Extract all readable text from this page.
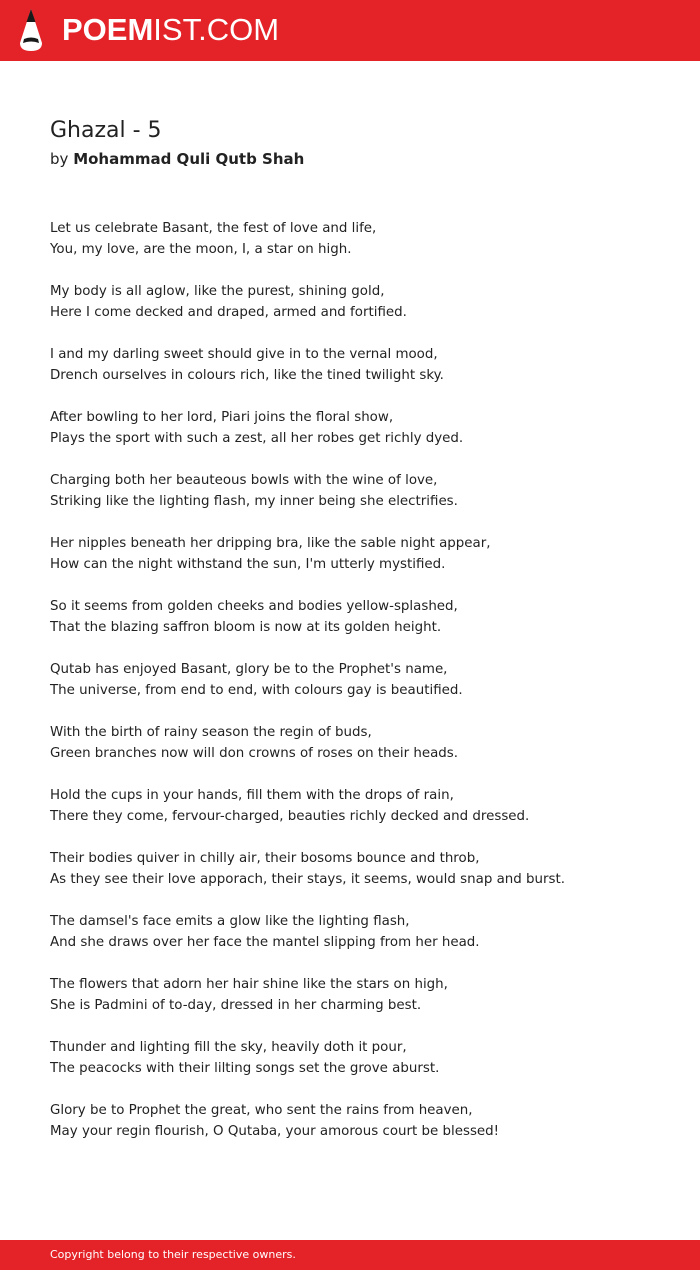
POEMIST.COM
Ghazal - 5
by Mohammad Quli Qutb Shah
Let us celebrate Basant, the fest of love and life,
You, my love, are the moon, I, a star on high.
My body is all aglow, like the purest, shining gold,
Here I come decked and draped, armed and fortified.
I and my darling sweet should give in to the vernal mood,
Drench ourselves in colours rich, like the tined twilight sky.
After bowling to her lord, Piari joins the floral show,
Plays the sport with such a zest, all her robes get richly dyed.
Charging both her beauteous bowls with the wine of love,
Striking like the lighting flash, my inner being she electrifies.
Her nipples beneath her dripping bra, like the sable night appear,
How can the night withstand the sun, I'm utterly mystified.
So it seems from golden cheeks and bodies yellow-splashed,
That the blazing saffron bloom is now at its golden height.
Qutab has enjoyed Basant, glory be to the Prophet's name,
The universe, from end to end, with colours gay is beautified.
With the birth of rainy season the regin of buds,
Green branches now will don crowns of roses on their heads.
Hold the cups in your hands, fill them with the drops of rain,
There they come, fervour-charged, beauties richly decked and dressed.
Their bodies quiver in chilly air, their bosoms bounce and throb,
As they see their love apporach, their stays, it seems, would snap and burst.
The damsel's face emits a glow like the lighting flash,
And she draws over her face the mantel slipping from her head.
The flowers that adorn her hair shine like the stars on high,
She is Padmini of to-day, dressed in her charming best.
Thunder and lighting fill the sky, heavily doth it pour,
The peacocks with their lilting songs set the grove aburst.
Glory be to Prophet the great, who sent the rains from heaven,
May your regin flourish, O Qutaba, your amorous court be blessed!
Copyright belong to their respective owners.
